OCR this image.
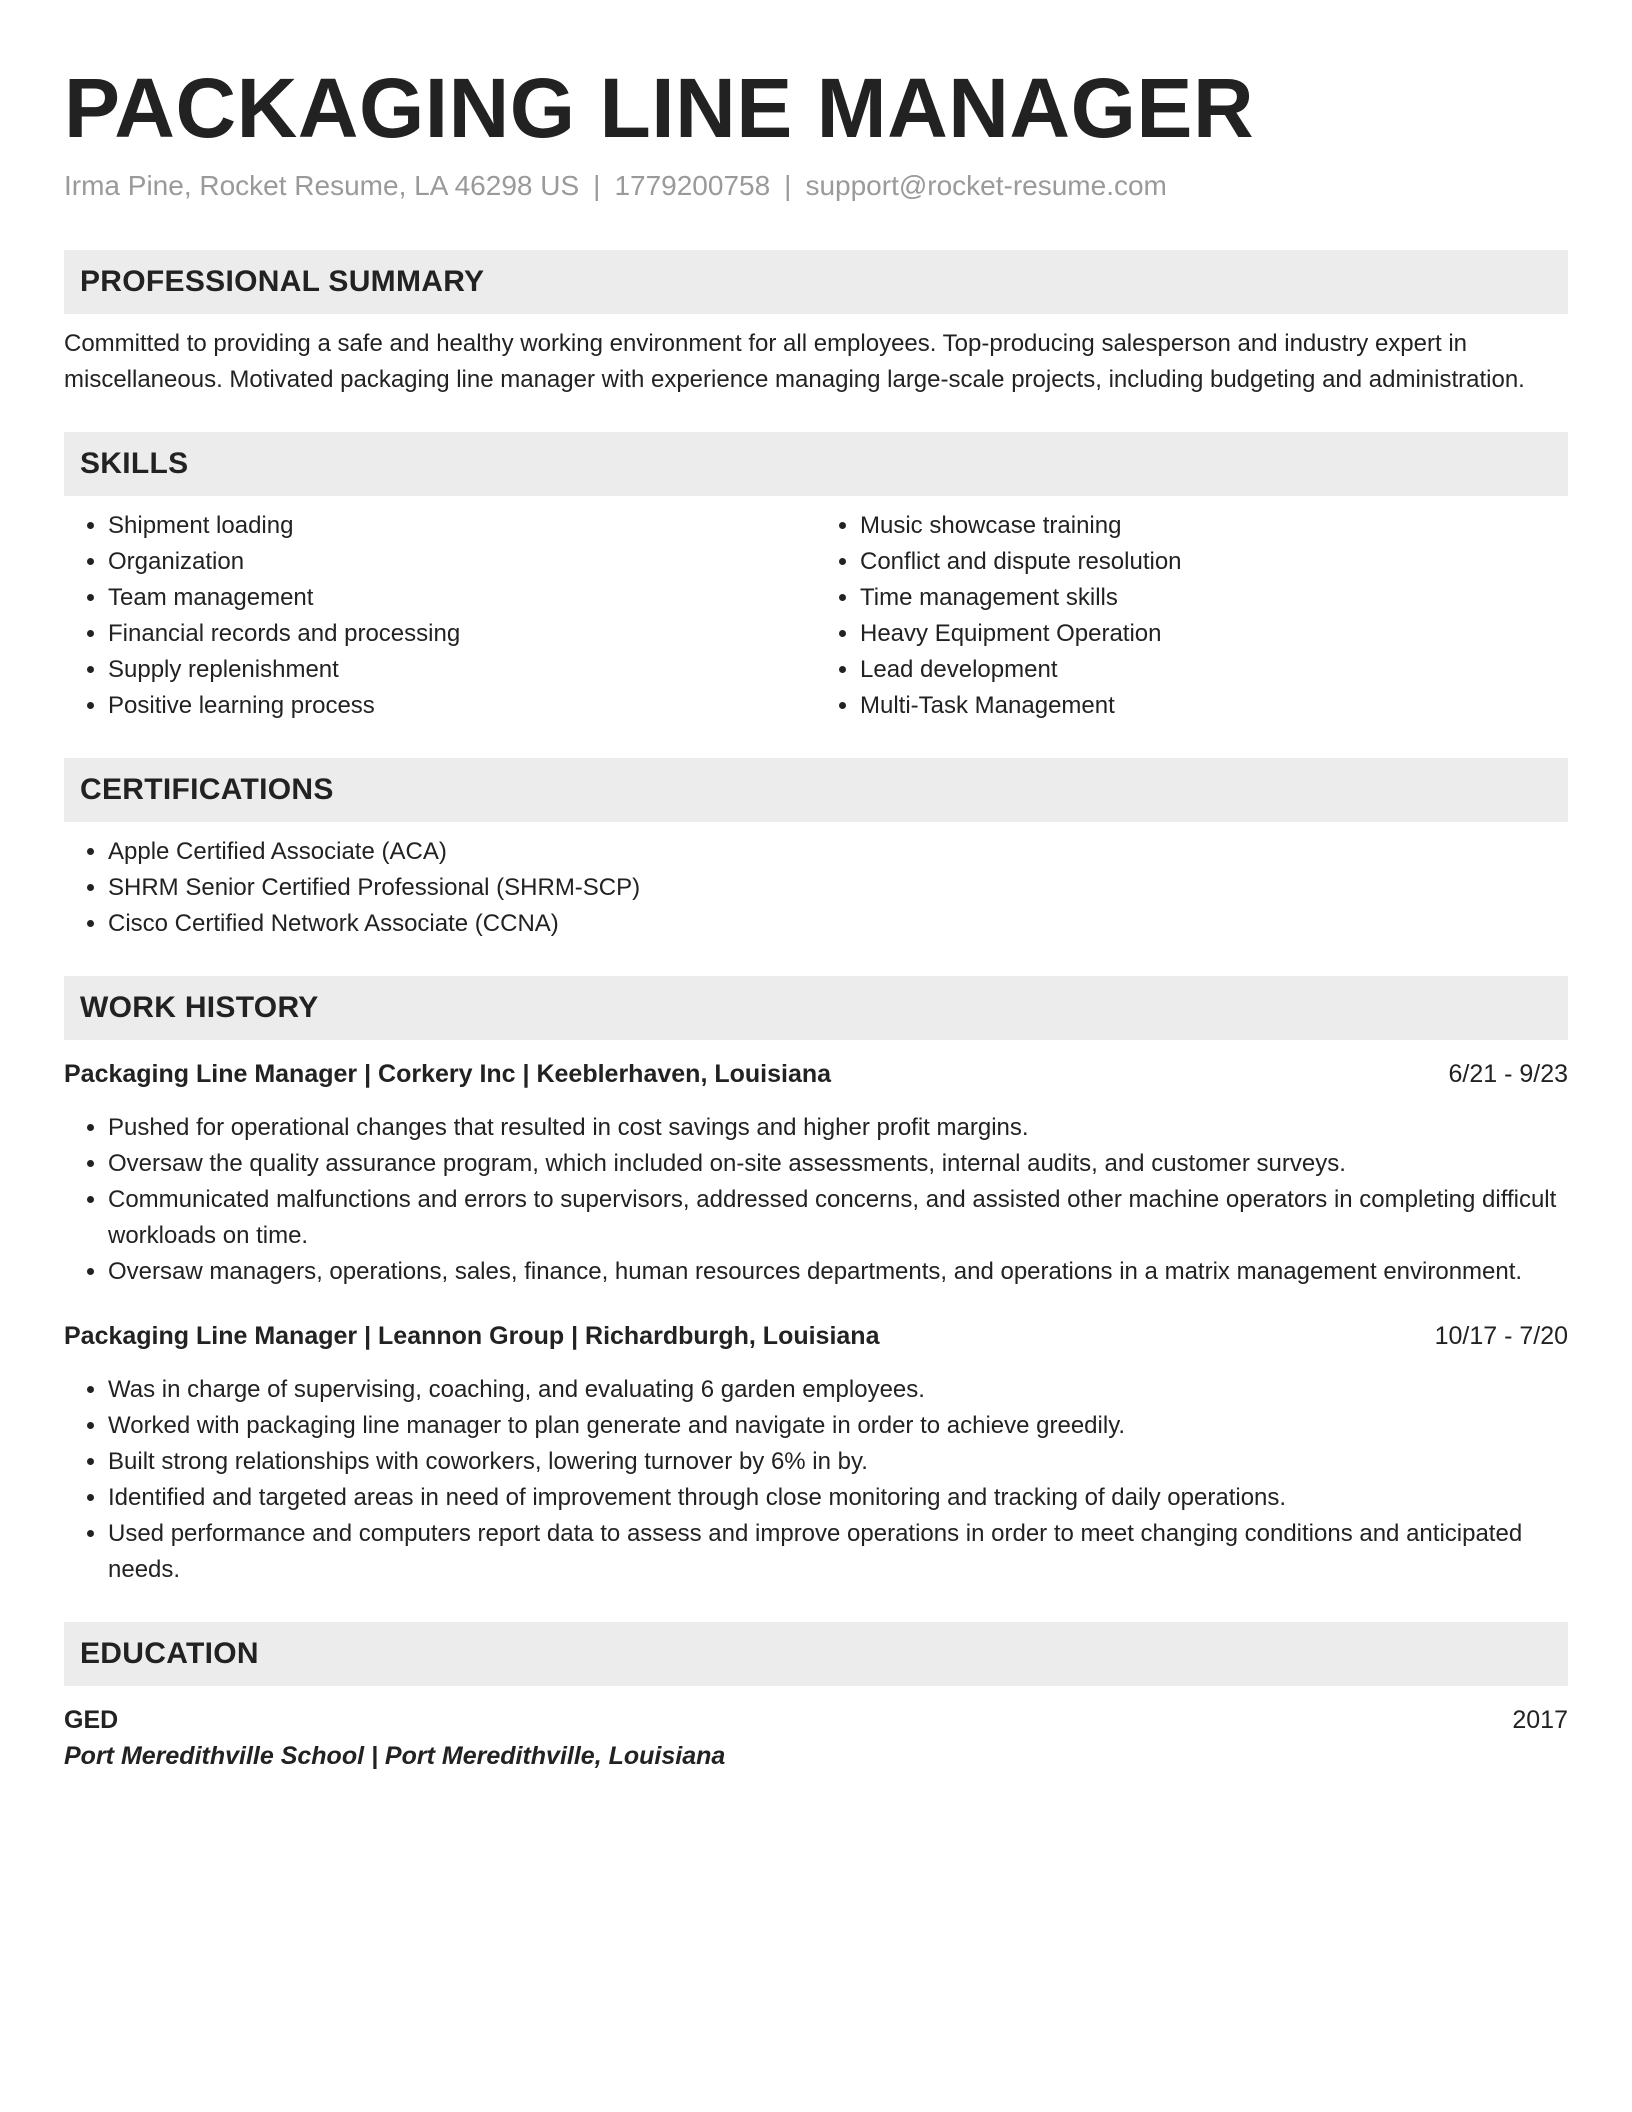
PACKAGING LINE MANAGER
Irma Pine, Rocket Resume, LA 46298 US | 1779200758 | support@rocket-resume.com
PROFESSIONAL SUMMARY
Committed to providing a safe and healthy working environment for all employees. Top-producing salesperson and industry expert in miscellaneous. Motivated packaging line manager with experience managing large-scale projects, including budgeting and administration.
SKILLS
• Shipment loading
• Organization
• Team management
• Financial records and processing
• Supply replenishment
• Positive learning process
• Music showcase training
• Conflict and dispute resolution
• Time management skills
• Heavy Equipment Operation
• Lead development
• Multi-Task Management
CERTIFICATIONS
• Apple Certified Associate (ACA)
• SHRM Senior Certified Professional (SHRM-SCP)
• Cisco Certified Network Associate (CCNA)
WORK HISTORY
Packaging Line Manager | Corkery Inc | Keeblerhaven, Louisiana	6/21 - 9/23
• Pushed for operational changes that resulted in cost savings and higher profit margins.
• Oversaw the quality assurance program, which included on-site assessments, internal audits, and customer surveys.
• Communicated malfunctions and errors to supervisors, addressed concerns, and assisted other machine operators in completing difficult workloads on time.
• Oversaw managers, operations, sales, finance, human resources departments, and operations in a matrix management environment.
Packaging Line Manager | Leannon Group | Richardburgh, Louisiana	10/17 - 7/20
• Was in charge of supervising, coaching, and evaluating 6 garden employees.
• Worked with packaging line manager to plan generate and navigate in order to achieve greedily.
• Built strong relationships with coworkers, lowering turnover by 6% in by.
• Identified and targeted areas in need of improvement through close monitoring and tracking of daily operations.
• Used performance and computers report data to assess and improve operations in order to meet changing conditions and anticipated needs.
EDUCATION
GED	2017
Port Meredithville School | Port Meredithville, Louisiana
